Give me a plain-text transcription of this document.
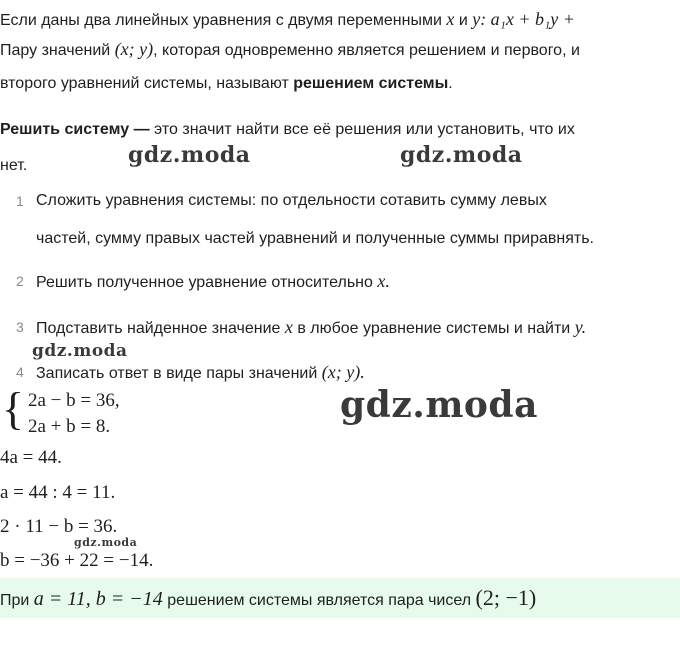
Если даны два линейных уравнения с двумя переменными x и y: a₁x + b₁y +
Пару значений (x; y), которая одновременно является решением и первого, и
второго уравнений системы, называют решением системы.
Решить систему — это значит найти все её решения или установить, что их
нет.
1 Сложить уравнения системы: по отдельности сотавить сумму левых
частей, сумму правых частей уравнений и полученные суммы приравнять.
2 Решить полученное уравнение относительно x.
3 Подставить найденное значение x в любое уравнение системы и найти y.
4 Записать ответ в виде пары значений (x; y).
{ 2a − b = 36,
2a + b = 8.
4a = 44.
a = 44 : 4 = 11.
2 · 11 − b = 36.
b = −36 + 22 = −14.
При a = 11, b = −14 решением системы является пара чисел (2; −1)
gdz.moda	gdz.moda
gdz.moda
gdz.moda
gdz.moda
